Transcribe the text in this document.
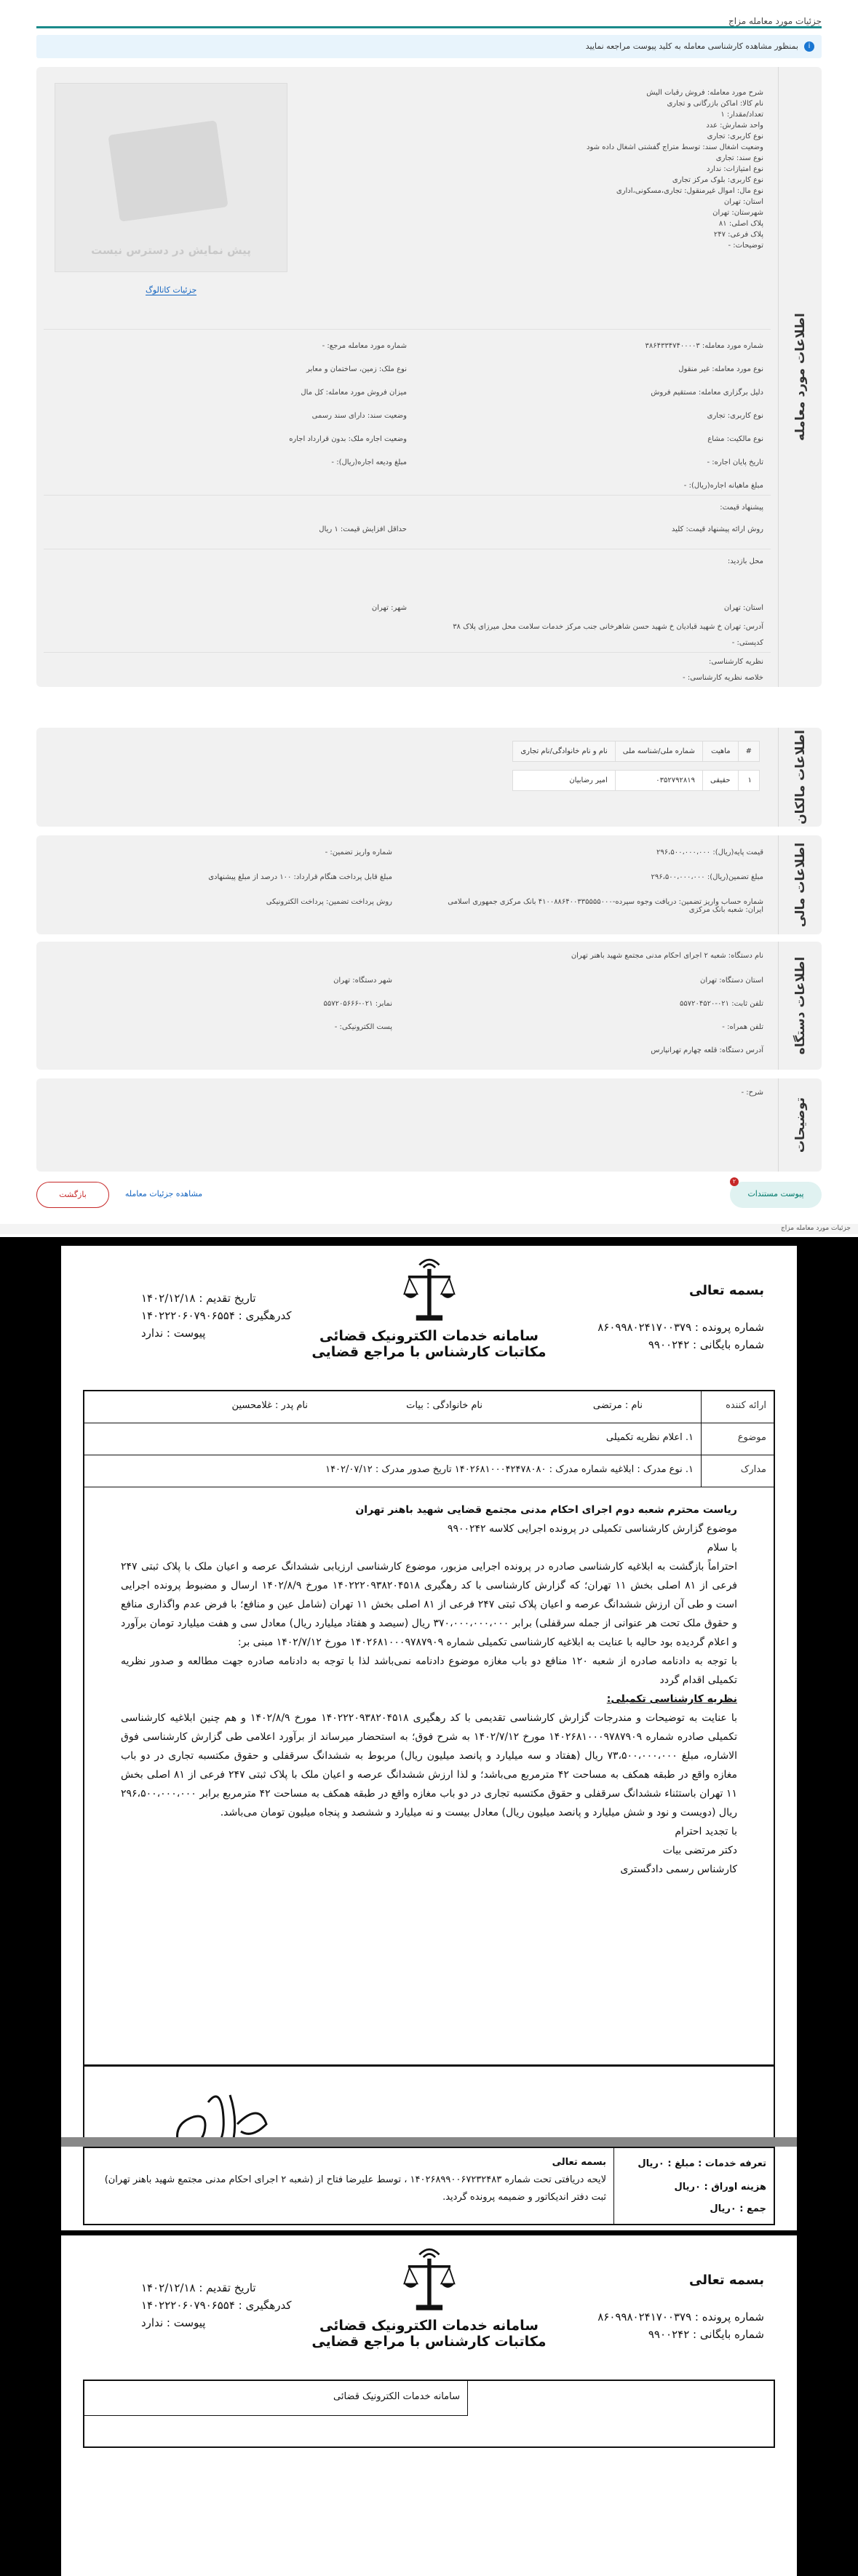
جزئیات مورد معامله مزاج
i
بمنظور مشاهده کارشناسی معامله به کلید پیوست مراجعه نمایید
اطلاعات مورد معامله
شرح مورد معامله: فروش رقبات الیش
نام کالا: اماکن بازرگانی و تجاری
تعداد/مقدار: ۱
واحد شمارش: عدد
نوع کاربری: تجاری
وضعیت اشغال سند: توسط متراج گفشتی اشغال داده شود
نوع سند: تجاری
نوع امتیازات: ندارد
نوع کاربری: بلوک مرکز تجاری
نوع مال: اموال غیرمنقول: تجاری،مسکونی،اداری
استان: تهران
شهرستان: تهران
پلاک اصلی: ۸۱
پلاک فرعی: ۲۴۷
توضیحات: -
پیش نمایش در دسترس نیست
جزئیات کاتالوگ
شماره مورد معامله: ۳۸۶۴۳۳۴۷۴۰۰۰۰۳
شماره مورد معامله مرجع: -
نوع مورد معامله: غیر منقول
نوع ملک: زمین، ساختمان و معابر
دلیل برگزاری معامله: مستقیم فروش
میزان فروش مورد معامله: کل مال
نوع کاربری: تجاری
وضعیت سند: دارای سند رسمی
نوع مالکیت: مشاع
وضعیت اجاره ملک: بدون قرارداد اجاره
تاریخ پایان اجاره: -
مبلغ ودیعه اجاره(ریال): -
مبلغ ماهیانه اجاره(ریال): -
پیشنهاد قیمت:
روش ارائه پیشنهاد قیمت: کلید
حداقل افزایش قیمت: ۱ ریال
محل بازدید:
استان: تهران
شهر: تهران
آدرس: تهران خ شهید قبادیان خ شهید حسن شاهرخانی جنب مرکز خدمات سلامت محل میرزای پلاک ۳۸
کدپستی: -
نظریه کارشناسی:
خلاصه نظریه کارشناسی: -
اطلاعات مالکان
#	ماهیت	شماره ملی/شناسه ملی	نام و نام خانوادگی/نام تجاری

۱	حقیقی	۰۳۵۲۷۹۲۸۱۹	امیر رضا‌بیان
اطلاعات مالی
قیمت پایه(ریال): ۲۹۶،۵۰۰،۰۰۰،۰۰۰
شماره واریز تضمین: -
مبلغ تضمین(ریال): ۲۹۶،۵۰۰،۰۰۰،۰۰۰
مبلغ قابل پرداخت هنگام قرارداد: ۱۰۰ درصد از مبلغ پیشنهادی
شماره حساب واریز تضمین: دریافت وجوه سپرده-۴۱۰۰۸۸۶۴۰۰۳۳۵۵۵۵۰۰۰ بانک مرکزی جمهوری اسلامی ایران: شعبه بانک مرکزی
روش پرداخت تضمین: پرداخت الکترونیکی
اطلاعات دستگاه
نام دستگاه: شعبه ۲ اجرای احکام مدنی مجتمع شهید باهنر تهران
استان دستگاه: تهران
شهر دستگاه: تهران
تلفن ثابت: ۰۲۱-۵۵۷۲۰۴۵۲۰
نمابر: ۰۲۱-۵۵۷۲۰۵۶۶۶
تلفن همراه: -
پست الکترونیکی: -
آدرس دستگاه: قلعه چهارم تهرانپارس
توضیحات
شرح: -
پیوست مستندات
۲
مشاهده جزئیات معامله
بازگشت
جزئیات مورد معامله مزاج
بسمه تعالی
شماره پرونده : ۸۶۰۹۹۸۰۲۴۱۷۰۰۳۷۹
شماره بایگانی : ۹۹۰۰۲۴۲
سامانه خدمات الکترونیک قضائی
مکاتبات کارشناس با مراجع قضایی
تاریخ تقدیم : ۱۴۰۲/۱۲/۱۸
کدرهگیری : ۱۴۰۲۲۲۰۶۰۷۹۰۶۵۵۴
پیوست : ندارد
ارائه کننده
نام : مرتضی
نام خانوادگی : بیات
نام پدر : غلامحسین
موضوع
۱. اعلام نظریه تکمیلی
مدارک
۱. نوع مدرک : ابلاغیه شماره مدرک : ۱۴۰۲۶۸۱۰۰۰۴۲۴۷۸۰۸۰ تاریخ صدور مدرک : ۱۴۰۲/۰۷/۱۲

ریاست محترم شعبه دوم اجرای احکام مدنی مجتمع قضایی شهید باهنر تهران

موضوع گزارش کارشناسی تکمیلی در پرونده اجرایی کلاسه ۹۹۰۰۲۴۲

با سلام

احتراماً بازگشت به ابلاغیه کارشناسی صادره در پرونده اجرایی مزبور، موضوع کارشناسی ارزیابی ششدانگ عرصه و اعیان ملک با پلاک ثبتی ۲۴۷ فرعی از ۸۱ اصلی بخش ۱۱ تهران؛ که گزارش کارشناسی با کد رهگیری ۱۴۰۲۲۲۰۹۳۸۲۰۴۵۱۸ مورخ ۱۴۰۲/۸/۹ ارسال و مضبوط پرونده اجرایی است و طی آن ارزش ششدانگ عرصه و اعیان پلاک ثبتی ۲۴۷ فرعی از ۸۱ اصلی بخش ۱۱ تهران (شامل عین و منافع؛ با فرض عدم واگذاری منافع و حقوق ملک تحت هر عنوانی از جمله سرقفلی) برابر ۳۷۰،۰۰۰،۰۰۰،۰۰۰ ریال (سیصد و هفتاد میلیارد ریال) معادل سی و هفت میلیارد تومان برآورد و اعلام گردیده بود حالیه با عنایت به ابلاغیه کارشناسی تکمیلی شماره ۱۴۰۲۶۸۱۰۰۰۹۷۸۷۹۰۹ مورخ ۱۴۰۲/۷/۱۲ مبنی بر:

با توجه به دادنامه صادره از شعبه ۱۲۰ منافع دو باب مغازه موضوع دادنامه نمی‌باشد لذا با توجه به دادنامه صادره جهت مطالعه و صدور نظریه تکمیلی اقدام گردد

نظریه کارشناسی تکمیلی:

با عنایت به توضیحات و مندرجات گزارش کارشناسی تقدیمی با کد رهگیری ۱۴۰۲۲۲۰۹۳۸۲۰۴۵۱۸ مورخ ۱۴۰۲/۸/۹ و هم چنین ابلاغیه کارشناسی تکمیلی صادره شماره ۱۴۰۲۶۸۱۰۰۰۹۷۸۷۹۰۹ مورخ ۱۴۰۲/۷/۱۲ به شرح فوق؛ به استحضار میرساند از برآورد اعلامی طی گزارش کارشناسی فوق الاشاره، مبلغ ۷۳،۵۰۰،۰۰۰،۰۰۰ ریال (هفتاد و سه میلیارد و پانصد میلیون ریال) مربوط به ششدانگ سرقفلی و حقوق مکتسبه تجاری در دو باب مغازه واقع در طبقه همکف به مساحت ۴۲ مترمربع می‌باشد؛ و لذا ارزش ششدانگ عرصه و اعیان ملک با پلاک ثبتی ۲۴۷ فرعی از ۸۱ اصلی بخش ۱۱ تهران باستثناء ششدانگ سرقفلی و حقوق مکتسبه تجاری در دو باب مغازه واقع در طبقه همکف به مساحت ۴۲ مترمربع برابر ۲۹۶،۵۰۰،۰۰۰،۰۰۰ ریال (دویست و نود و شش میلیارد و پانصد میلیون ریال) معادل بیست و نه میلیارد و ششصد و پنجاه میلیون تومان می‌باشد.

با تجدید احترام

دکتر مرتضی بیات

کارشناس رسمی دادگستری

تعرفه خدمات : مبلغ : ۰ریال
هزینه اوراق : ۰ریال
جمع : ۰ریال
بسمه تعالی
لایحه دریافتی تحت شماره ۱۴۰۲۶۸۹۹۰۰۶۷۲۳۲۴۸۳ ، توسط علیرضا فتاح از (شعبه ۲ اجرای احکام مدنی مجتمع شهید باهنر تهران) ثبت دفتر اندیکاتور و ضمیمه پرونده گردید.
بسمه تعالی
شماره پرونده : ۸۶۰۹۹۸۰۲۴۱۷۰۰۳۷۹
شماره بایگانی : ۹۹۰۰۲۴۲
سامانه خدمات الکترونیک قضائی
مکاتبات کارشناس با مراجع قضایی
تاریخ تقدیم : ۱۴۰۲/۱۲/۱۸
کدرهگیری : ۱۴۰۲۲۲۰۶۰۷۹۰۶۵۵۴
پیوست : ندارد
سامانه خدمات الکترونیک قضائی
